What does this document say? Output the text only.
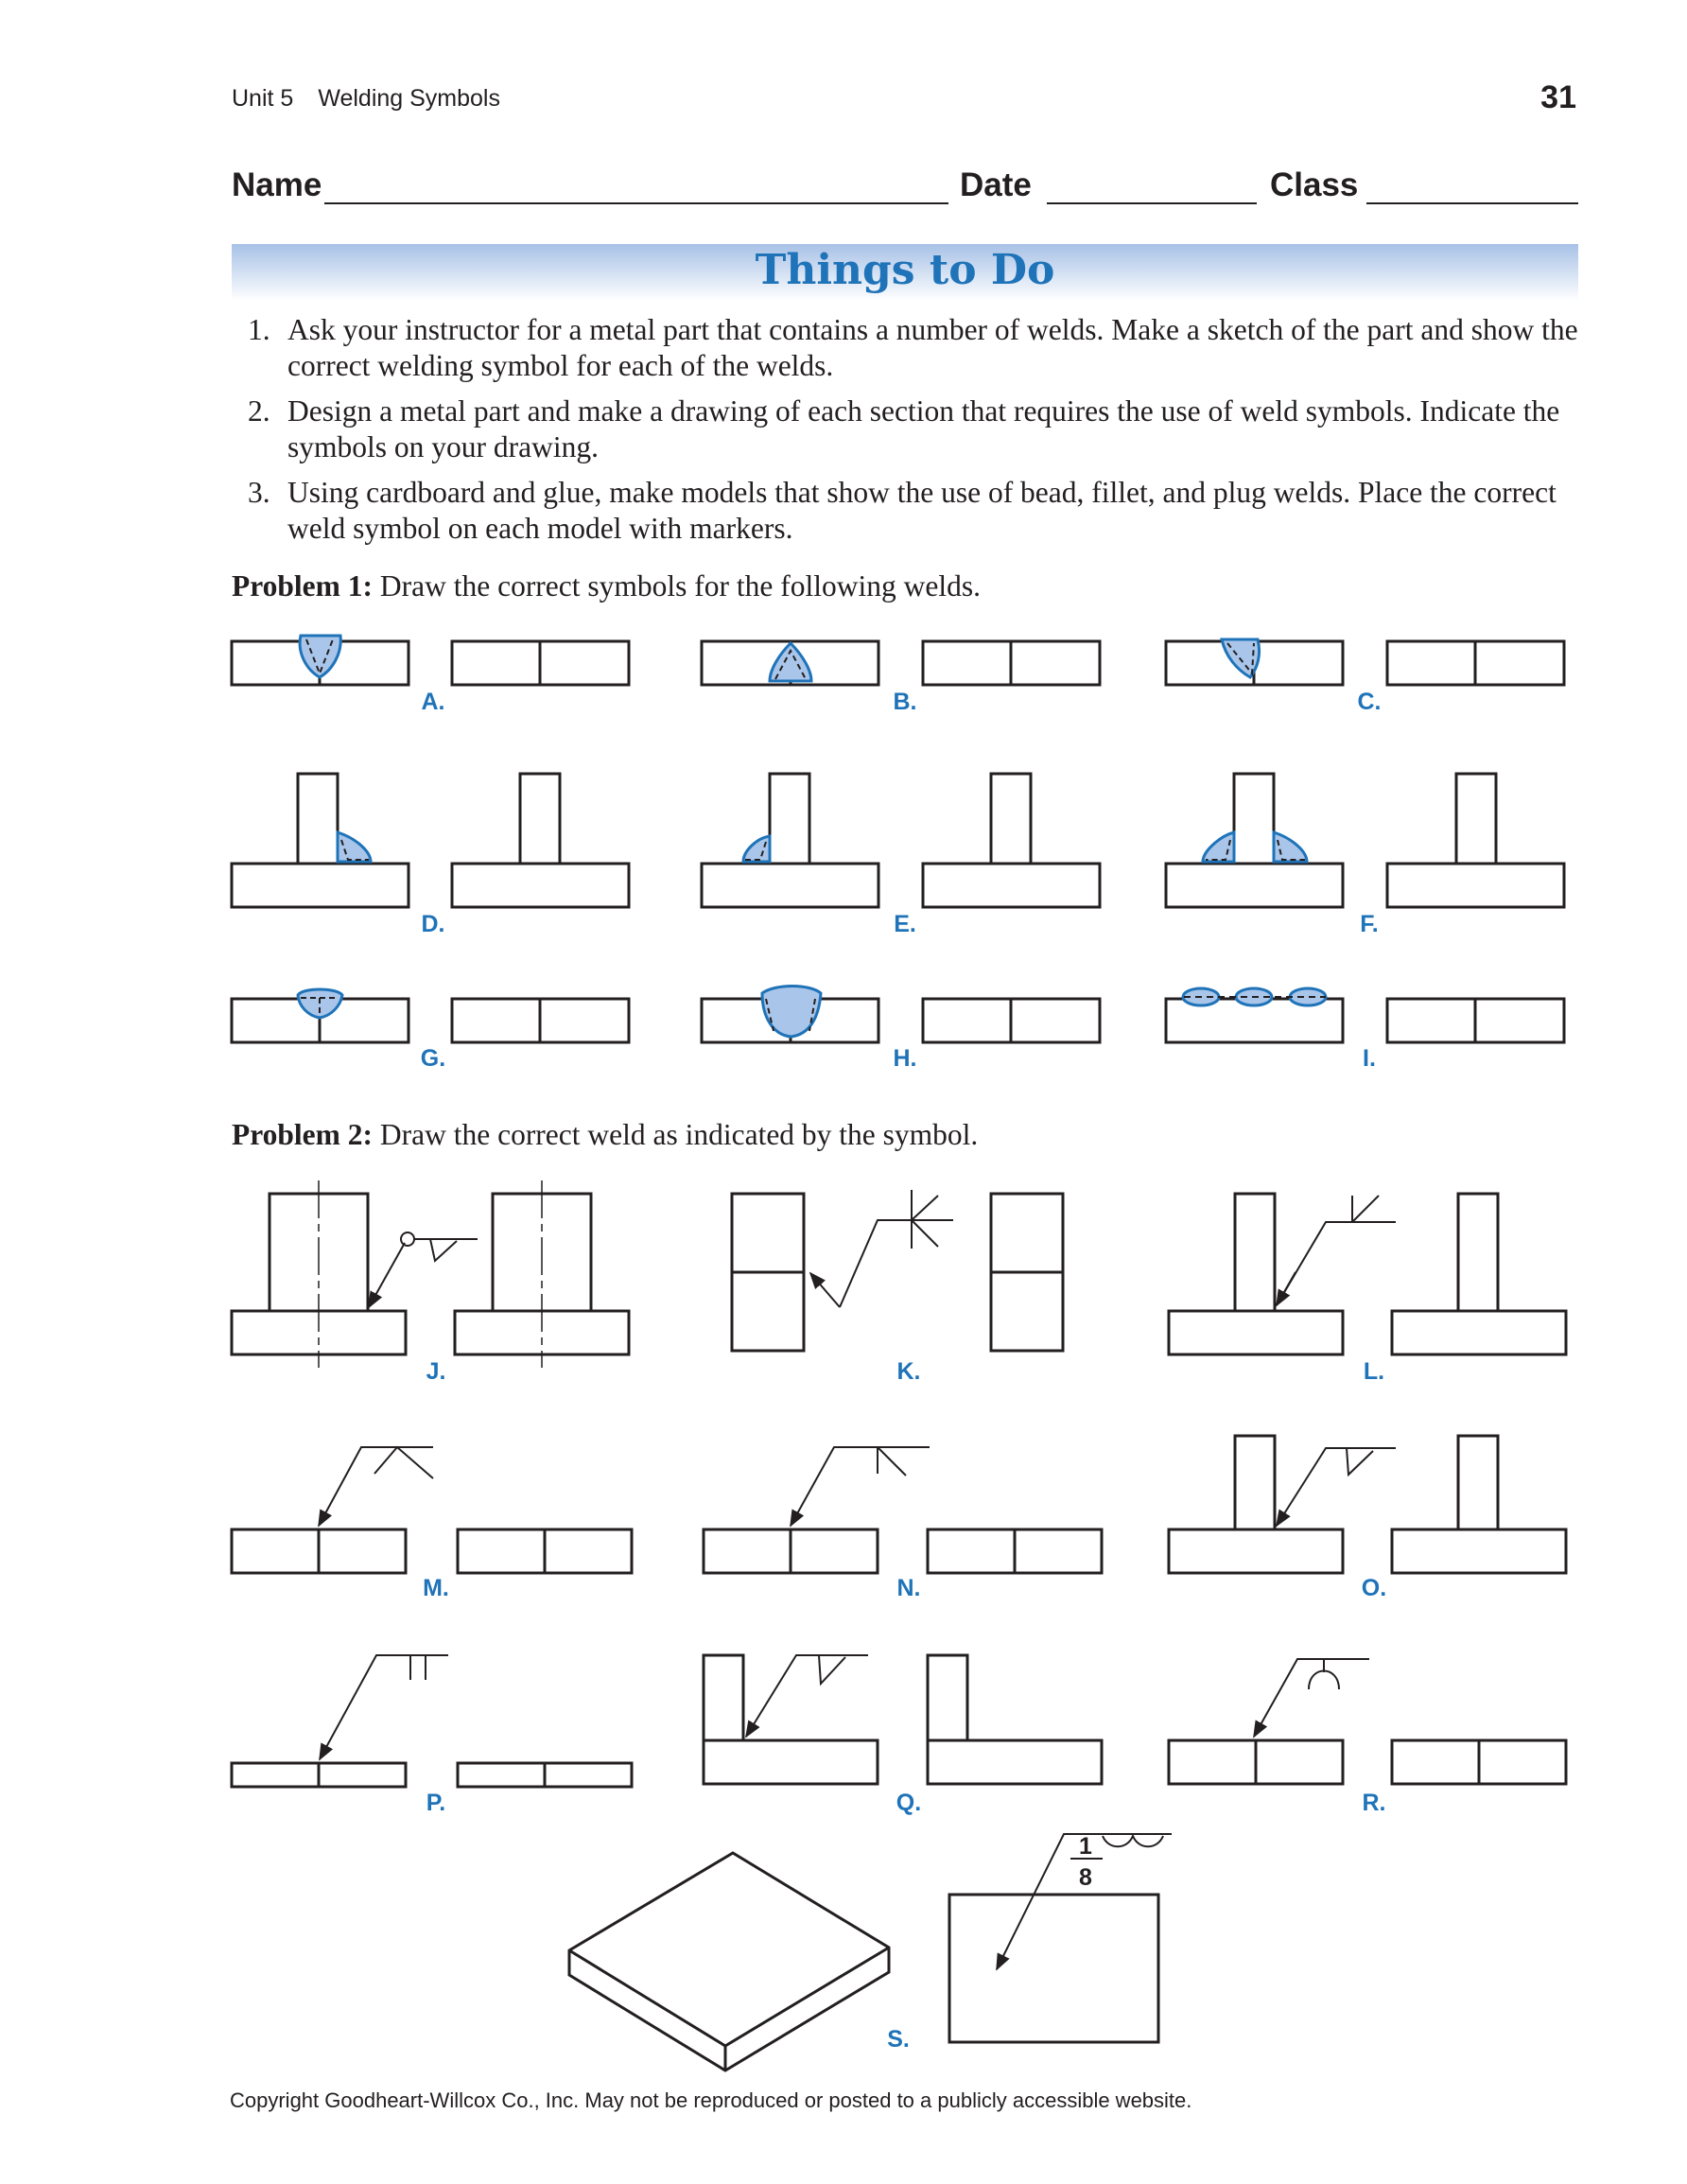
Unit 5 Welding Symbols	31
Name	Date	Class
Things to Do
1. Ask your instructor for a metal part that contains a number of welds. Make a sketch of the part and show the correct welding symbol for each of the welds.
2. Design a metal part and make a drawing of each section that requires the use of weld symbols. Indicate the symbols on your drawing.
3. Using cardboard and glue, make models that show the use of bead, fillet, and plug welds. Place the correct weld symbol on each model with markers.
Problem 1: Draw the correct symbols for the following welds.
Problem 2: Draw the correct weld as indicated by the symbol.
1
8
A.	B.	C.
D.	E.	F.
G.	H.	I.
J.	K.	L.
M.	N.	O.
P.	Q.	R.
S.
Copyright Goodheart-Willcox Co., Inc. May not be reproduced or posted to a publicly accessible website.
